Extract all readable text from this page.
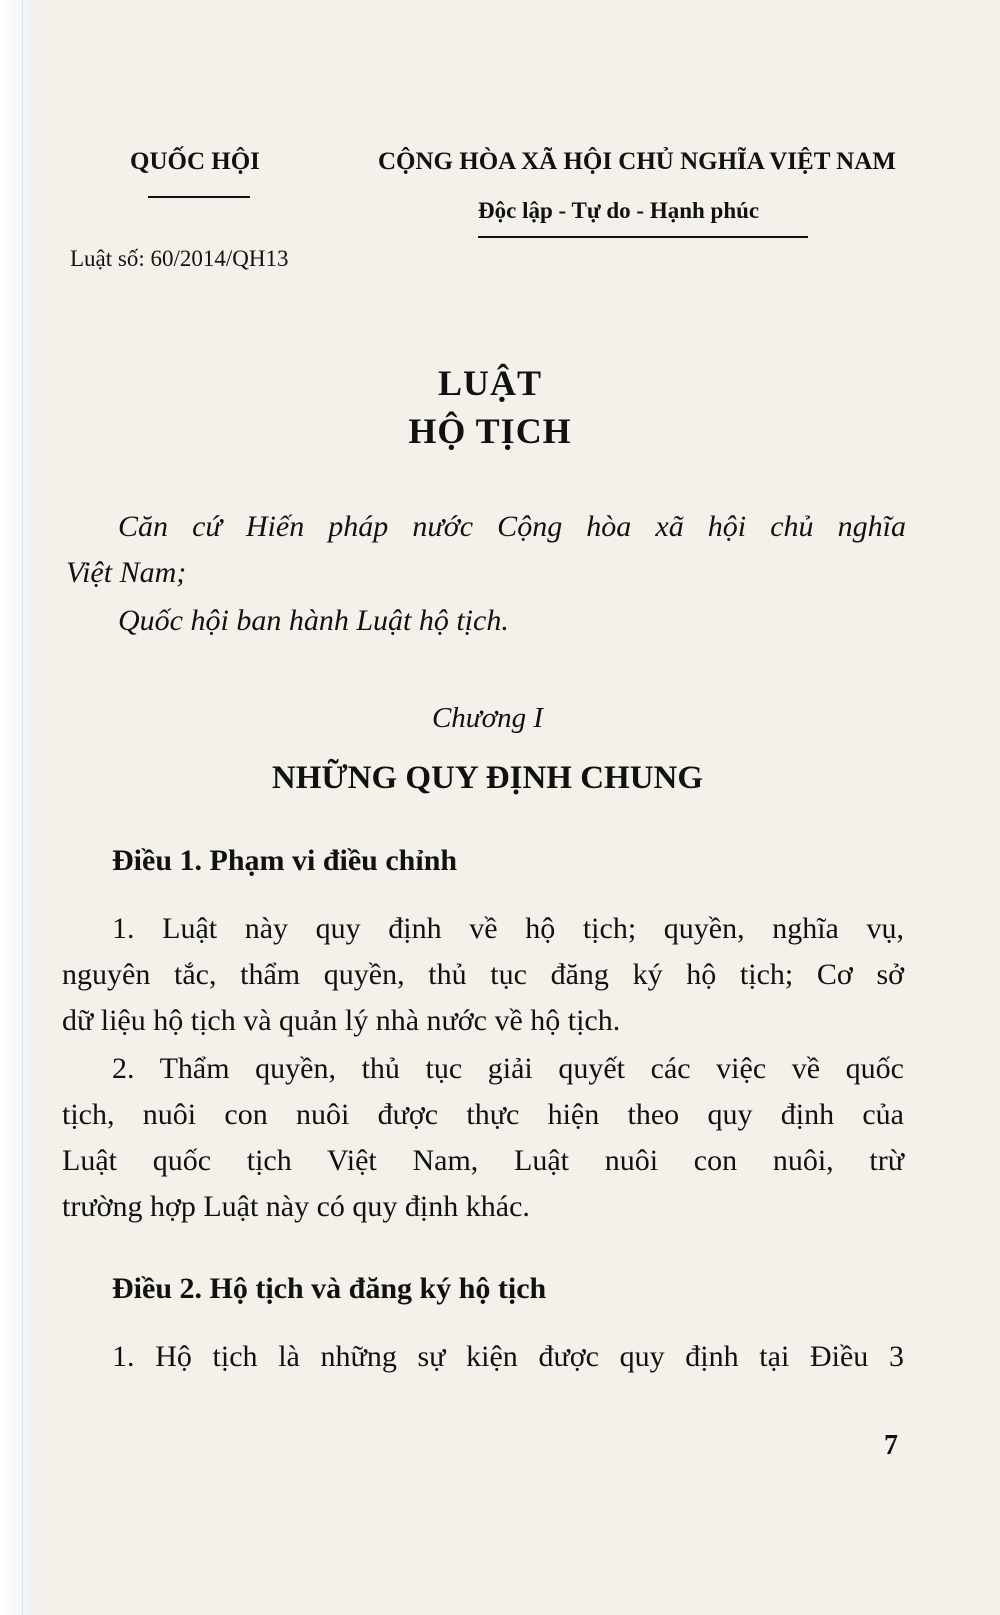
QUỐC HỘI	CỘNG HÒA XÃ HỘI CHỦ NGHĨA VIỆT NAM
Độc lập - Tự do - Hạnh phúc
Luật số: 60/2014/QH13
LUẬT
HỘ TỊCH
Căn cứ Hiến pháp nước Cộng hòa xã hội chủ nghĩa
Việt Nam;
Quốc hội ban hành Luật hộ tịch.
Chương I
NHỮNG QUY ĐỊNH CHUNG
Điều 1. Phạm vi điều chỉnh
1. Luật này quy định về hộ tịch; quyền, nghĩa vụ,
nguyên tắc, thẩm quyền, thủ tục đăng ký hộ tịch; Cơ sở
dữ liệu hộ tịch và quản lý nhà nước về hộ tịch.
2. Thẩm quyền, thủ tục giải quyết các việc về quốc
tịch, nuôi con nuôi được thực hiện theo quy định của
Luật quốc tịch Việt Nam, Luật nuôi con nuôi, trừ
trường hợp Luật này có quy định khác.
Điều 2. Hộ tịch và đăng ký hộ tịch
1. Hộ tịch là những sự kiện được quy định tại Điều 3
7
